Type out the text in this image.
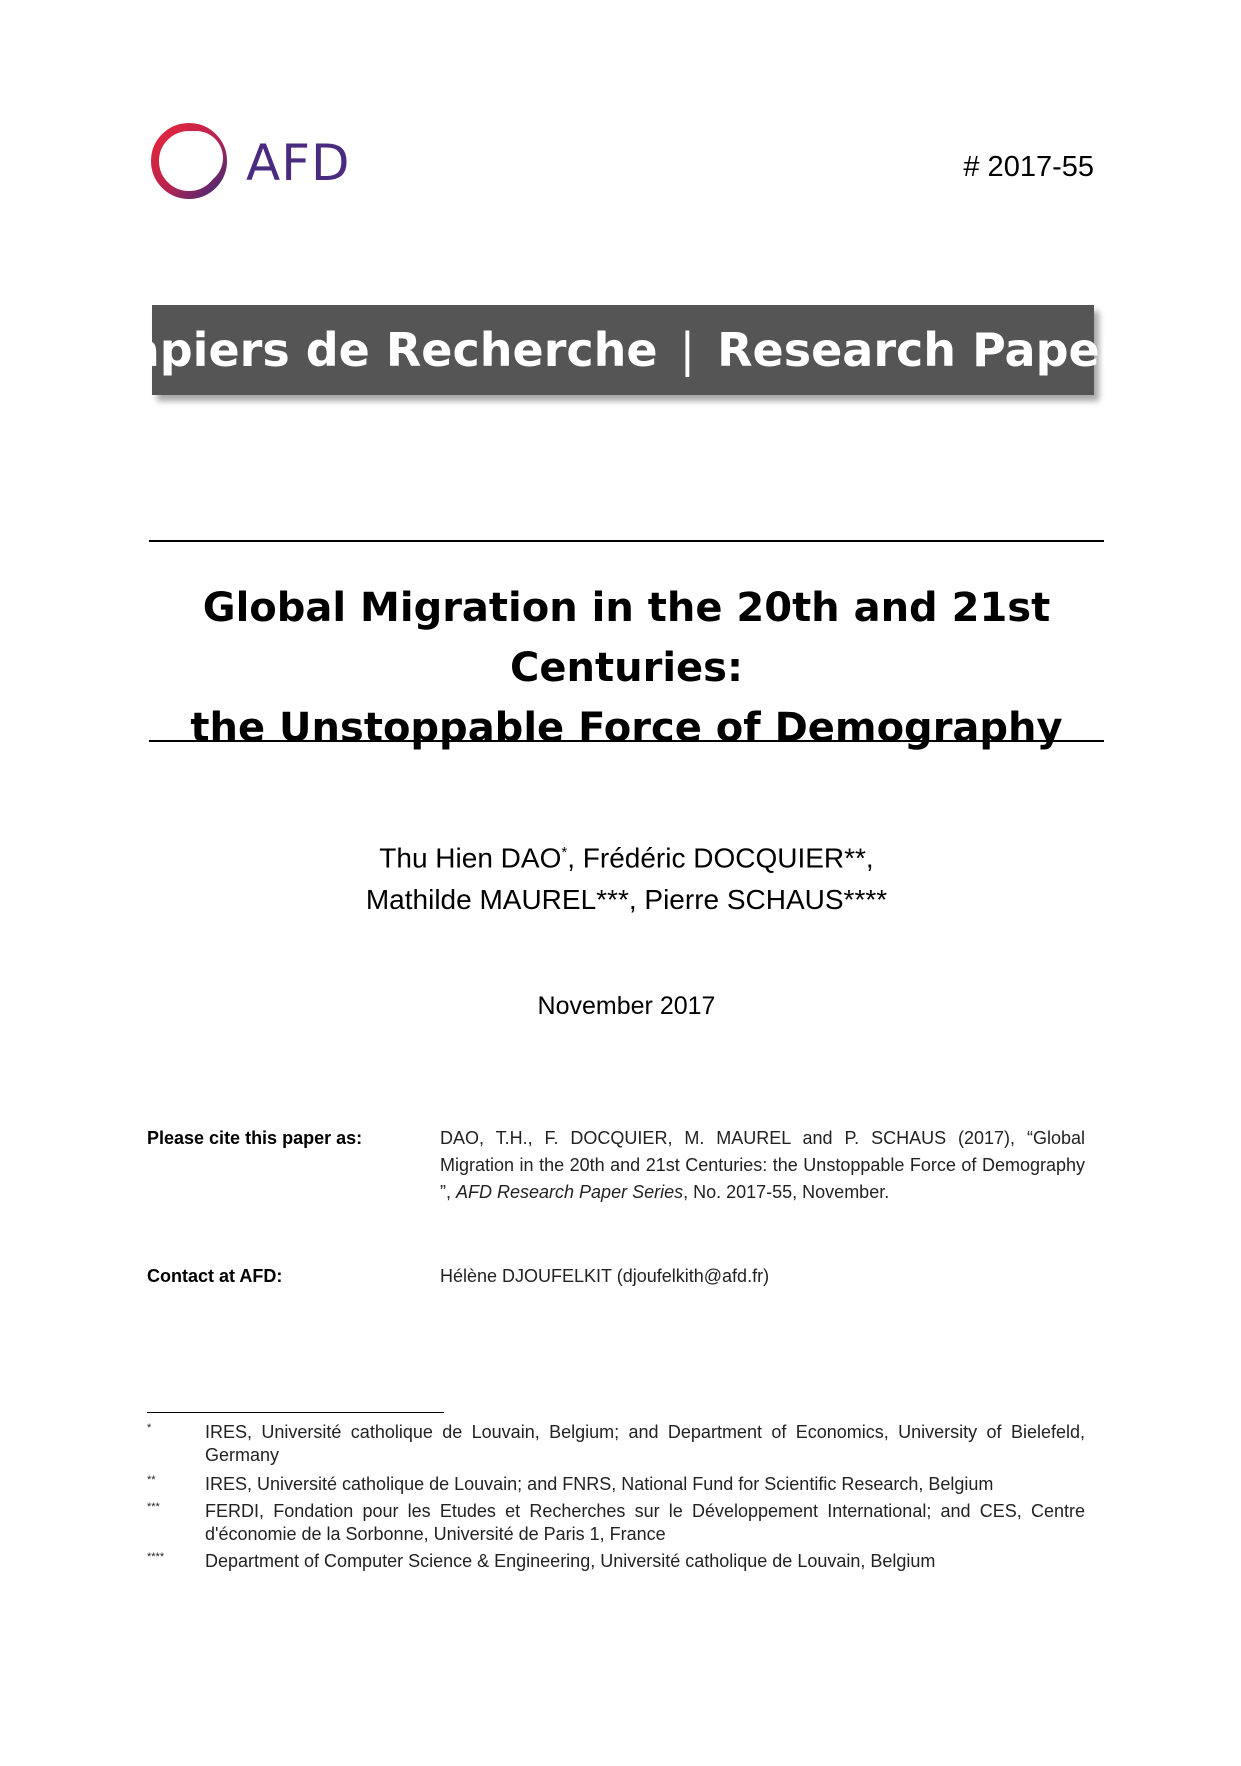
AFD	# 2017-55
Papiers de Recherche | Research Papers
Global Migration in the 20th and 21st Centuries:
the Unstoppable Force of Demography
Thu Hien DAO*, Frédéric DOCQUIER**,
Mathilde MAUREL***, Pierre SCHAUS****
November 2017
Please cite this paper as:	DAO, T.H., F. DOCQUIER, M. MAUREL and P. SCHAUS (2017), “Global Migration in the 20th and 21st Centuries: the Unstoppable Force of Demography ”, AFD Research Paper Series, No. 2017-55, November.
Contact at AFD:	Hélène DJOUFELKIT (djoufelkith@afd.fr)
*	IRES, Université catholique de Louvain, Belgium; and Department of Economics, University of Bielefeld, Germany
**	IRES, Université catholique de Louvain; and FNRS, National Fund for Scientific Research, Belgium
***	FERDI, Fondation pour les Etudes et Recherches sur le Développement International; and CES, Centre d'économie de la Sorbonne, Université de Paris 1, France
**** Department of Computer Science & Engineering, Université catholique de Louvain, Belgium
